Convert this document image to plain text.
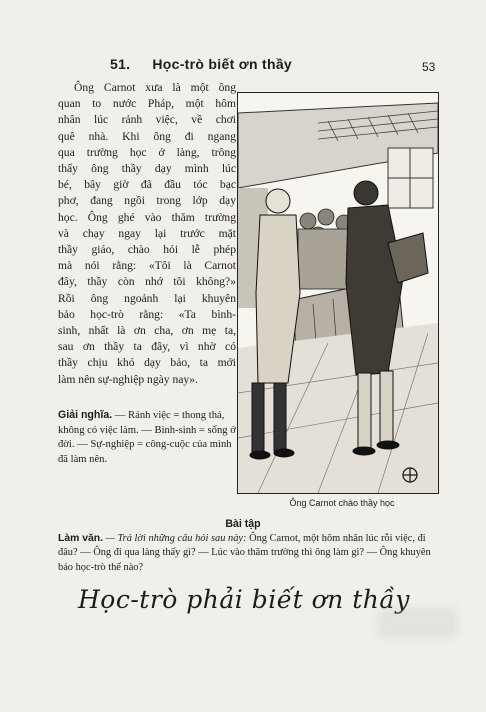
51. Học-trò biết ơn thầy	53
Ông Carnot xưa là một ông
quan to nước Pháp, một hôm
nhân lúc rảnh việc, về chơi
quê nhà. Khi ông đi ngang
qua trường học ở làng, trông
thấy ông thầy dạy mình lúc
bé, bây giờ đã đầu tóc bạc
phơ, đang ngồi trong lớp dạy
học. Ông ghé vào thăm trường
và chạy ngay lại trước mặt
thầy giáo, chào hỏi lễ phép
mà nói rằng: «Tôi là Carnot
đây, thầy còn nhớ tôi không?»
Rồi ông ngoảnh lại khuyên
bảo học-trò rằng: «Ta bình-
sinh, nhất là ơn cha, ơn mẹ ta,
sau ơn thầy ta đây, vì nhờ có
thầy chịu khó dạy bảo, ta mới
làm nên sự-nghiệp ngày nay».
Giải nghĩa. — Rảnh việc = thong thả, không có việc làm. — Bình-sinh = sống ở đời. — Sự-nghiệp = công-cuộc của mình đã làm nên.
Ông Carnot chào thầy học
Bài tập
Làm văn. — Trả lời những câu hỏi sau này: Ông Carnot, một hôm nhân lúc rỗi việc, đi đâu? — Ông đi qua làng thấy gì? — Lúc vào thăm trường thì ông làm gì? — Ông khuyên bảo học-trò thế nào?
Học-trò phải biết ơn thầy
